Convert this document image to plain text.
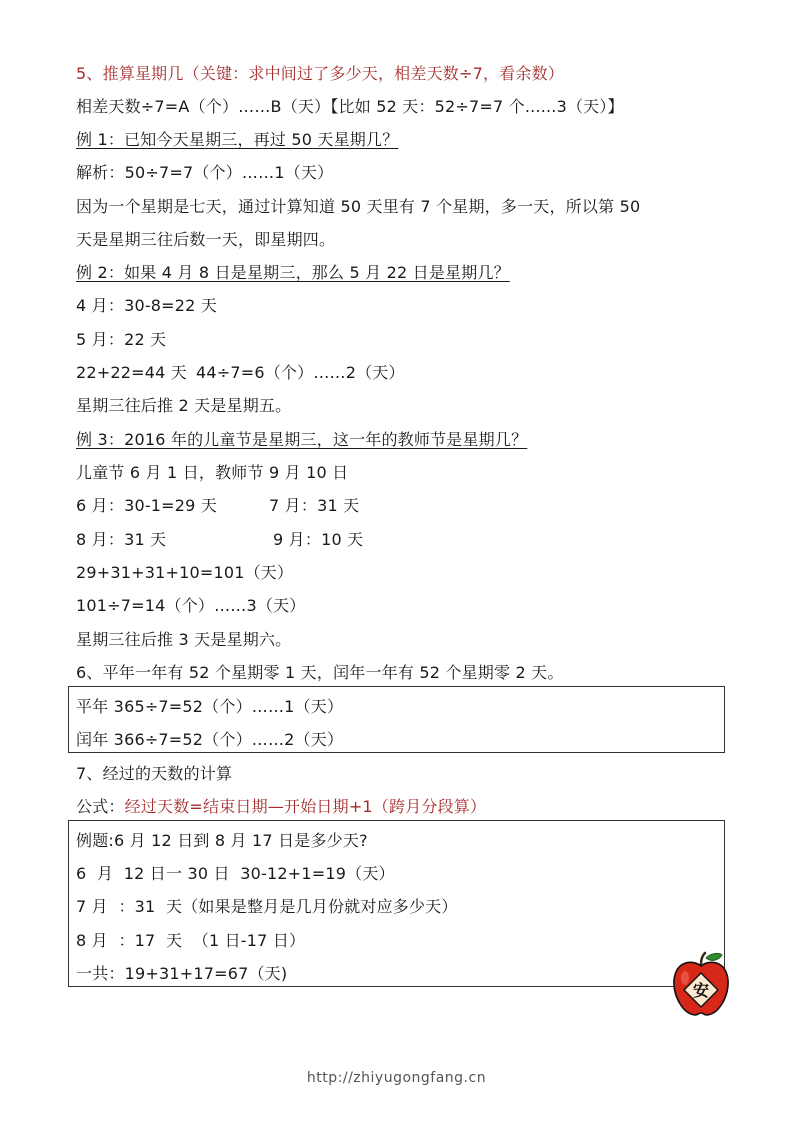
5、推算星期几（关键：求中间过了多少天，相差天数÷7，看余数）
相差天数÷7=A（个）……B（天）【比如 52 天：52÷7=7 个......3（天）】
例 1：已知今天星期三，再过 50 天星期几？
解析：50÷7=7（个）……1（天）
因为一个星期是七天，通过计算知道 50 天里有 7 个星期，多一天，所以第 50
天是星期三往后数一天，即星期四。
例 2：如果 4 月 8 日是星期三，那么 5 月 22 日是星期几？
4 月：30-8=22 天
5 月：22 天
22+22=44 天 44÷7=6（个）……2（天）
星期三往后推 2 天是星期五。
例 3：2016 年的儿童节是星期三，这一年的教师节是星期几？
儿童节 6 月 1 日，教师节 9 月 10 日
6 月：30-1=29 天	7 月：31 天
8 月：31 天	9 月：10 天
29+31+31+10=101（天）
101÷7=14（个）……3（天）
星期三往后推 3 天是星期六。
6、平年一年有 52 个星期零 1 天，闰年一年有 52 个星期零 2 天。
平年 365÷7=52（个）……1（天）
闰年 366÷7=52（个）……2（天）
7、经过的天数的计算
公式：经过天数=结束日期—开始日期+1（跨月分段算）
例题:6 月 12 日到 8 月 17 日是多少天?
6  月  12 日一 30 日  30-12+1=19（天）
7 月  ：31  天（如果是整月是几月份就对应多少天）
8 月  ：17  天  （1 日-17 日）
一共：19+31+17=67（天)
安
http://zhiyugongfang.cn
